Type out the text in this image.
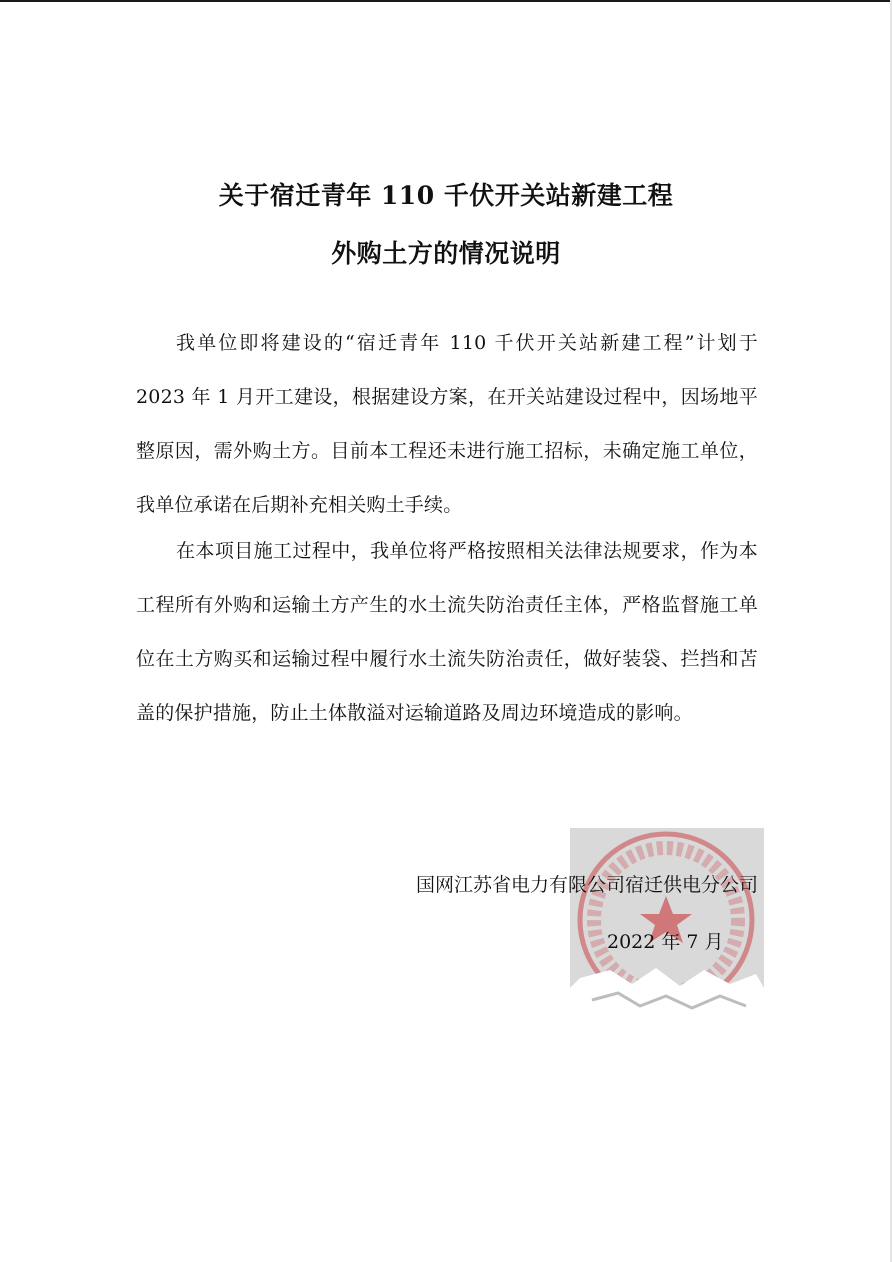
关于宿迁青年 110 千伏开关站新建工程
外购土方的情况说明

我单位即将建设的“宿迁青年 110 千伏开关站新建工程”计划于 2023 年 1 月开工建设，根据建设方案，在开关站建设过程中，因场地平整原因，需外购土方。目前本工程还未进行施工招标，未确定施工单位，我单位承诺在后期补充相关购土手续。

在本项目施工过程中，我单位将严格按照相关法律法规要求，作为本工程所有外购和运输土方产生的水土流失防治责任主体，严格监督施工单位在土方购买和运输过程中履行水土流失防治责任，做好装袋、拦挡和苫盖的保护措施，防止土体散溢对运输道路及周边环境造成的影响。

国网江苏省电力有限公司宿迁供电分公司

2022 年 7 月
